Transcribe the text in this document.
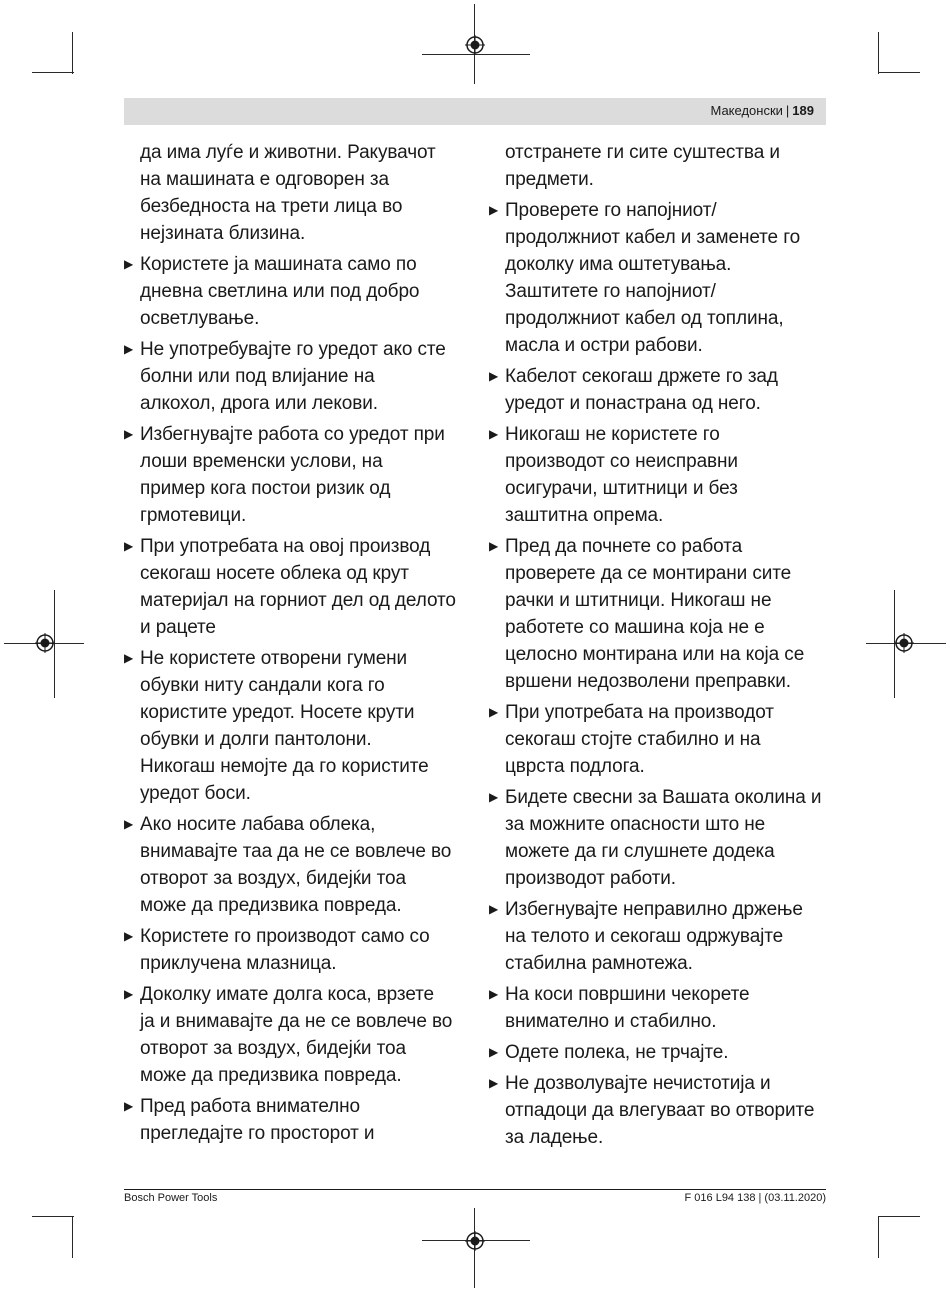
Македонски | 189
да има луѓе и животни. Ракувачот
на машината е одговорен за
безбедноста на трети лица во
нејзината близина.
▶ Користете ја машината само по
дневна светлина или под добро
осветлување.
▶ Не употребувајте го уредот ако сте
болни или под влијание на
алкохол, дрога или лекови.
▶ Избегнувајте работа со уредот при
лоши временски услови, на
пример кога постои ризик од
грмотевици.
▶ При употребата на овој производ
секогаш носете облека од крут
материјал на горниот дел од делото
и рацете
▶ Не користете отворени гумени
обувки ниту сандали кога го
користите уредот. Носете крути
обувки и долги пантолони.
Никогаш немојте да го користите
уредот боси.
▶ Ако носите лабава облека,
внимавајте таа да не се вовлече во
отворот за воздух, бидејќи тоа
може да предизвика повреда.
▶ Користете го производот само со
приклучена млазница.
▶ Доколку имате долга коса, врзете
ја и внимавајте да не се вовлече во
отворот за воздух, бидејќи тоа
може да предизвика повреда.
▶ Пред работа внимателно
прегледајте го просторот и
отстранете ги сите суштества и
предмети.
▶ Проверете го напојниот/
продолжниот кабел и заменете го
доколку има оштетувања.
Заштитете го напојниот/
продолжниот кабел од топлина,
масла и остри рабови.
▶ Кабелот секогаш држете го зад
уредот и понастрана од него.
▶ Никогаш не користете го
производот со неисправни
осигурачи, штитници и без
заштитна опрема.
▶ Пред да почнете со работа
проверете да се монтирани сите
рачки и штитници. Никогаш не
работете со машина која не е
целосно монтирана или на која се
вршени недозволени преправки.
▶ При употребата на производот
секогаш стојте стабилно и на
цврста подлога.
▶ Бидете свесни за Вашата околина и
за можните опасности што не
можете да ги слушнете додека
производот работи.
▶ Избегнувајте неправилно држење
на телото и секогаш одржувајте
стабилна рамнотежа.
▶ На коси површини чекорете
внимателно и стабилно.
▶ Одете полека, не трчајте.
▶ Не дозволувајте нечистотија и
отпадоци да влегуваат во отворите
за ладење.
Bosch Power Tools	F 016 L94 138 | (03.11.2020)
